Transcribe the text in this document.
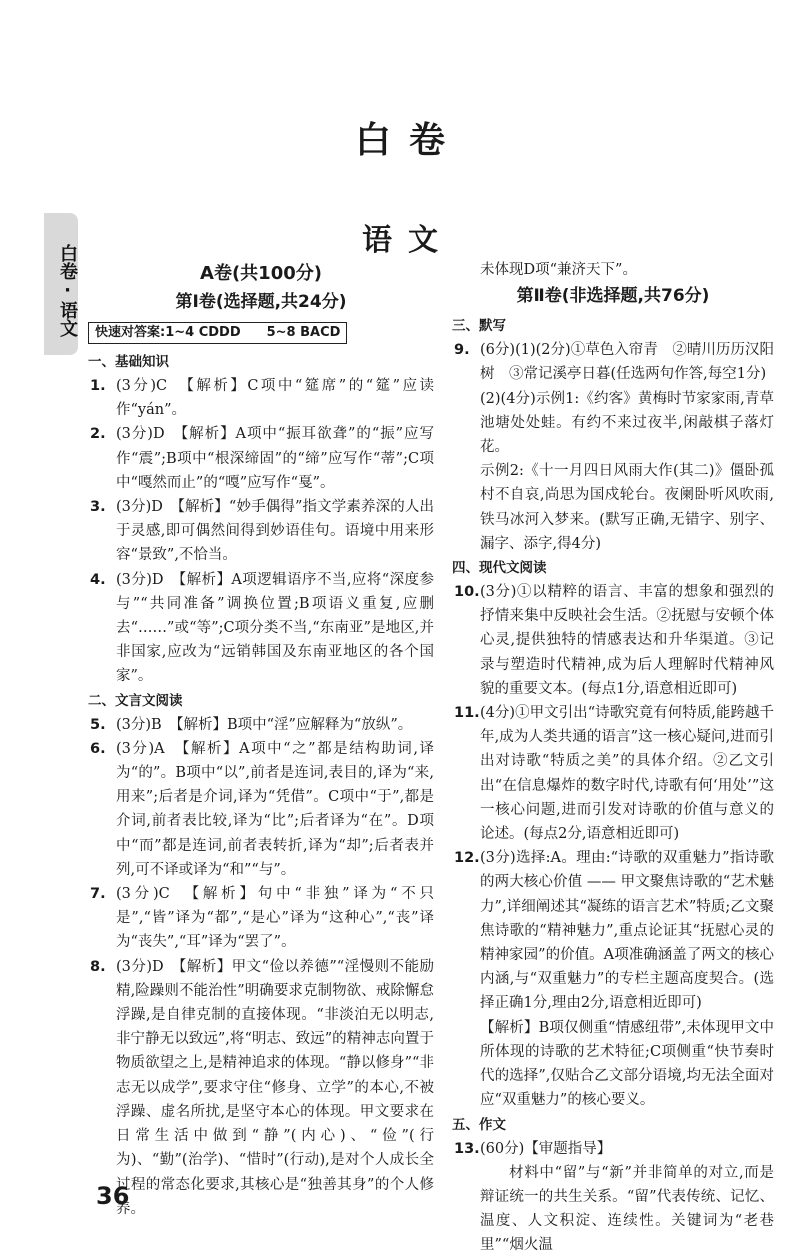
白卷·语文
白卷
语文
A卷(共100分)
第Ⅰ卷(选择题,共24分)
快速对答案:1~4 CDDD　　5~8 BACD
一、基础知识
1. (3分)C　【解析】C项中“筵席”的“筵”应读作“yán”。
2. (3分)D　【解析】A项中“振耳欲聋”的“振”应写作“震”;B项中“根深缔固”的“缔”应写作“蒂”;C项中“嘎然而止”的“嘎”应写作“戛”。
3. (3分)D　【解析】“妙手偶得”指文学素养深的人出于灵感,即可偶然间得到妙语佳句。语境中用来形容“景致”,不恰当。
4. (3分)D　【解析】A项逻辑语序不当,应将“深度参与”“共同准备”调换位置;B项语义重复,应删去“……”或“等”;C项分类不当,“东南亚”是地区,并非国家,应改为“远销韩国及东南亚地区的各个国家”。
二、文言文阅读
5. (3分)B　【解析】B项中“淫”应解释为“放纵”。
6. (3分)A　【解析】A项中“之”都是结构助词,译为“的”。B项中“以”,前者是连词,表目的,译为“来,用来”;后者是介词,译为“凭借”。C项中“于”,都是介词,前者表比较,译为“比”;后者译为“在”。D项中“而”都是连词,前者表转折,译为“却”;后者表并列,可不译或译为“和”“与”。
7. (3分)C　【解析】句中“非独”译为“不只是”,“皆”译为“都”,“是心”译为“这种心”,“丧”译为“丧失”,“耳”译为“罢了”。
8. (3分)D　【解析】甲文“俭以养德”“淫慢则不能励精,险躁则不能治性”明确要求克制物欲、戒除懈怠浮躁,是自律克制的直接体现。“非淡泊无以明志,非宁静无以致远”,将“明志、致远”的精神志向置于物质欲望之上,是精神追求的体现。“静以修身”“非志无以成学”,要求守住“修身、立学”的本心,不被浮躁、虚名所扰,是坚守本心的体现。甲文要求在日常生活中做到“静”(内心)、“俭”(行为)、“勤”(治学)、“惜时”(行动),是对个人成长全过程的常态化要求,其核心是“独善其身”的个人修养。
未体现D项“兼济天下”。
第Ⅱ卷(非选择题,共76分)
三、默写
9. (6分)(1)(2分)①草色入帘青　②晴川历历汉阳树　③常记溪亭日暮(任选两句作答,每空1分)
(2)(4分)示例1:《约客》黄梅时节家家雨,青草池塘处处蛙。有约不来过夜半,闲敲棋子落灯花。
示例2:《十一月四日风雨大作(其二)》僵卧孤村不自哀,尚思为国戍轮台。夜阑卧听风吹雨,铁马冰河入梦来。(默写正确,无错字、别字、漏字、添字,得4分)
四、现代文阅读
10. (3分)①以精粹的语言、丰富的想象和强烈的抒情来集中反映社会生活。②抚慰与安顿个体心灵,提供独特的情感表达和升华渠道。③记录与塑造时代精神,成为后人理解时代精神风貌的重要文本。(每点1分,语意相近即可)
11. (4分)①甲文引出“诗歌究竟有何特质,能跨越千年,成为人类共通的语言”这一核心疑问,进而引出对诗歌“特质之美”的具体介绍。②乙文引出“在信息爆炸的数字时代,诗歌有何‘用处’”这一核心问题,进而引发对诗歌的价值与意义的论述。(每点2分,语意相近即可)
12. (3分)选择:A。理由:“诗歌的双重魅力”指诗歌的两大核心价值 —— 甲文聚焦诗歌的“艺术魅力”,详细阐述其“凝练的语言艺术”特质;乙文聚焦诗歌的“精神魅力”,重点论证其“抚慰心灵的精神家园”的价值。A项准确涵盖了两文的核心内涵,与“双重魅力”的专栏主题高度契合。(选择正确1分,理由2分,语意相近即可)
【解析】B项仅侧重“情感纽带”,未体现甲文中所体现的诗歌的艺术特征;C项侧重“快节奏时代的选择”,仅贴合乙文部分语境,均无法全面对应“双重魅力”的核心要义。
五、作文
13. (60分)【审题指导】
材料中“留”与“新”并非简单的对立,而是辩证统一的共生关系。“留”代表传统、记忆、温度、人文积淀、连续性。关键词为“老巷里”“烟火温
36
